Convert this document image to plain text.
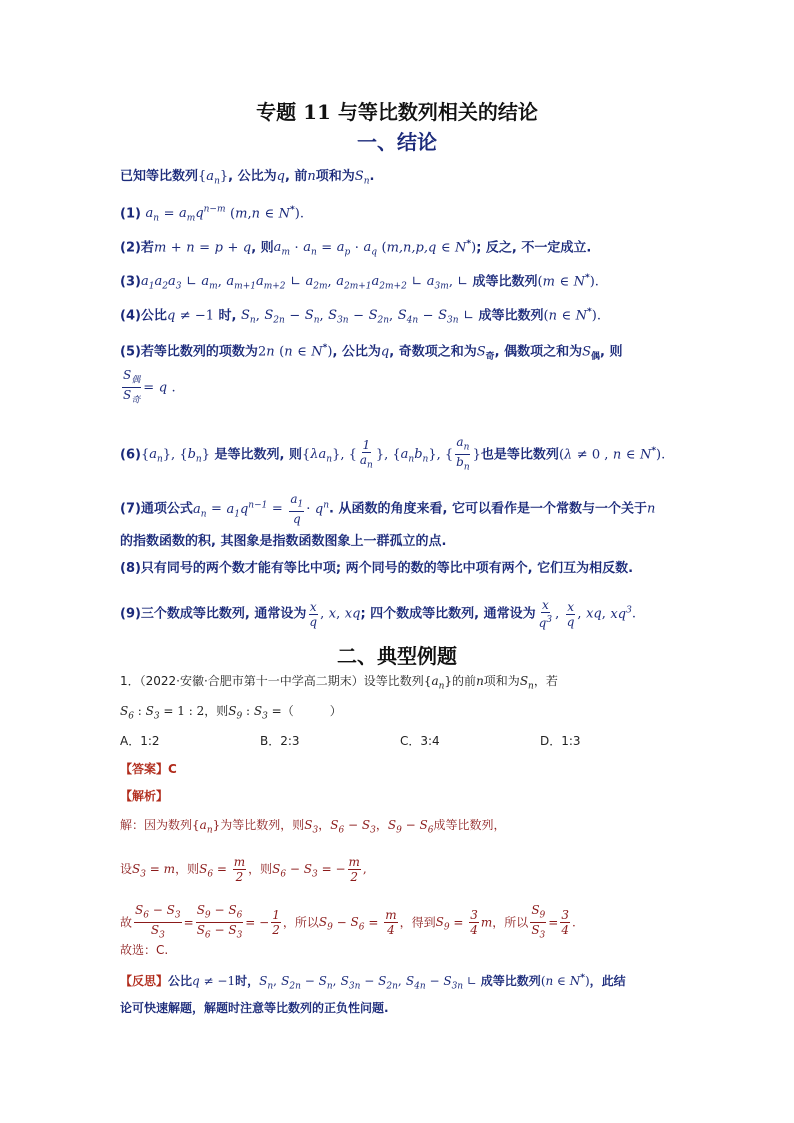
专题 11 与等比数列相关的结论
一、结论
已知等比数列$\{a_n\}$, 公比为q, 前n项和为$S_n$.
(1) $a_n = a_mq^{n-m}$ (m,n ∈ N*).
(2)若m + n = p + q, 则$a_m \cdot a_n = a_p \cdot a_q$ (m,n,p,q ∈ N*); 反之, 不一定成立.
$(3)a_1a_2a_3$ ∟ $a_m$, $a_{m+1}a_{m+2}$ ∟ $a_{2m}$, $a_{2m+1}a_{2m+2}$ ∟ $a_{3m}$, ∟ 成等比数列(m ∈ N*).
(4)公比q ≠ −1 时, $S_n$, $S_{2n} - S_n$, $S_{3n} - S_{2n}$, $S_{4n} - S_{3n}$ ∟ 成等比数列(n ∈ N*).
(5)若等比数列的项数为2n (n ∈ N*), 公比为q, 奇数项之和为$S_奇$, 偶数项之和为$S_偶$, 则
$\frac{S_偶}{S_奇} = q$ .
$(6)\{a_n\}$, $\{b_n\}$ 是等比数列, 则$\{\lambda a_n\}$, { $\frac{1}{a_n}$ }, $\{a_nb_n\}$, { $\frac{a_n}{b_n}$ }也是等比数列(λ ≠ 0 , n ∈ N*).
(7)通项公式$a_n = a_1q^{n-1} = \frac{a_1}{q} \cdot q^n$. 从函数的角度来看, 它可以看作是一个常数与一个关于n
的指数函数的积, 其图象是指数函数图象上一群孤立的点.
(8)只有同号的两个数才能有等比中项; 两个同号的数的等比中项有两个, 它们互为相反数.
(9)三个数成等比数列, 通常设为 $\frac{x}{q}$ , x, xq; 四个数成等比数列, 通常设为 $\frac{x}{q^3}$ , $\frac{x}{q}$ , xq, $xq^3$.
二、典型例题
1．（2022·安徽·合肥市第十一中学高二期末）设等比数列$\{a_n\}$的前n项和为$S_n$，若
$S_6$ : $S_3 = 1$ : 2，则$S_9$ : $S_3$ =（　　　）
A．1:2	B．2:3	C．3:4	D．1:3
【答案】C
【解析】
解：因为数列$\{a_n\}$为等比数列，则$S_3$，$S_6 - S_3$，$S_9 - S_6$成等比数列，
设$S_3 = m$，则$S_6 = \frac{m}{2}$ ，则$S_6 - S_3$ = − $\frac{m}{2}$ ,
故 $\frac{S_6 - S_3}{S_3} = \frac{S_9 - S_6}{S_6 - S_3}$ = − $\frac{1}{2}$ ，所以$S_9 - S_6 = \frac{m}{4}$ ，得到$S_9 = \frac{3}{4}$ m，所以 $\frac{S_9}{S_3} = \frac{3}{4}$ .
故选：C.
【反思】公比q ≠ −1时，$S_n$, $S_{2n} - S_n$, $S_{3n} - S_{2n}$, $S_{4n} - S_{3n}$ ∟ 成等比数列(n ∈ N*)，此结
论可快速解题，解题时注意等比数列的正负性问题.
